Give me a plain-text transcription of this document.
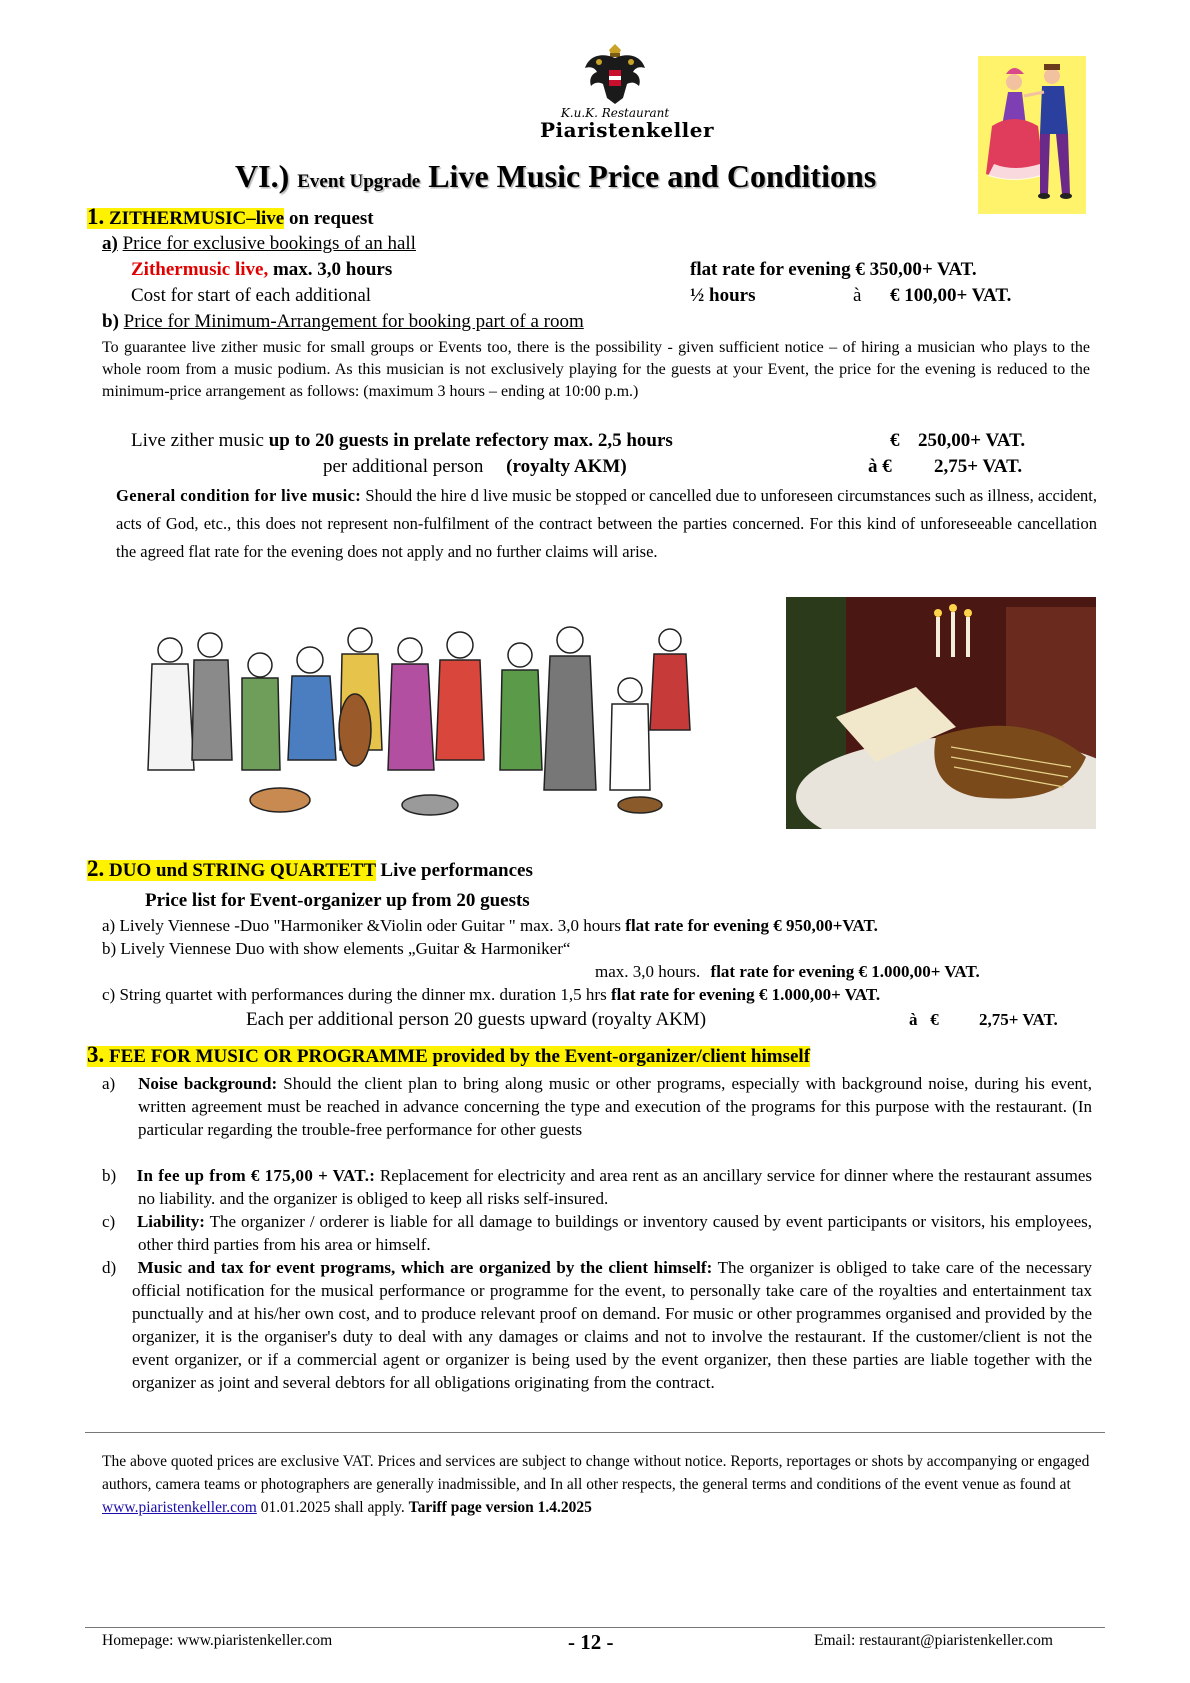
K.u.K. Restaurant
Piaristenkeller
VI.) Event Upgrade Live Music Price and Conditions
1. ZITHERMUSIC–live on request
a) Price for exclusive bookings of an hall
Zithermusic live, max. 3,0 hours	flat rate for evening € 350,00+ VAT.
Cost for start of each additional	½ hours	à € 100,00+ VAT.
b) Price for Minimum-Arrangement for booking part of a room
To guarantee live zither music for small groups or Events too, there is the possibility - given sufficient notice – of hiring a musician who plays to the whole room from a music podium. As this musician is not exclusively playing for the guests at your Event, the price for the evening is reduced to the minimum-price arrangement as follows: (maximum 3 hours – ending at 10:00 p.m.)
Live zither music up to 20 guests in prelate refectory max. 2,5 hours	€ 250,00+ VAT.
per additional person (royalty AKM)	à € 2,75+ VAT.
General condition for live music: Should the hire d live music be stopped or cancelled due to unforeseen circumstances such as illness, accident, acts of God, etc., this does not represent non-fulfilment of the contract between the parties concerned. For this kind of unforeseeable cancellation the agreed flat rate for the evening does not apply and no further claims will arise.
2. DUO und STRING QUARTETT Live performances
Price list for Event-organizer up from 20 guests
a) Lively Viennese -Duo "Harmoniker &Violin oder Guitar " max. 3,0 hours flat rate for evening € 950,00+VAT.
b) Lively Viennese Duo with show elements „Guitar & Harmoniker“
max. 3,0 hours. flat rate for evening € 1.000,00+ VAT.
c) String quartet with performances during the dinner mx. duration 1,5 hrs flat rate for evening € 1.000,00+ VAT.
Each per additional person 20 guests upward (royalty AKM)	à   € 2,75+ VAT.
3. FEE FOR MUSIC OR PROGRAMME provided by the Event-organizer/client himself
a) Noise background: Should the client plan to bring along music or other programs, especially with background noise, during his event, written agreement must be reached in advance concerning the type and execution of the programs for this purpose with the restaurant. (In particular regarding the trouble-free performance for other guests
b) In fee up from € 175,00 + VAT.: Replacement for electricity and area rent as an ancillary service for dinner where the restaurant assumes no liability. and the organizer is obliged to keep all risks self-insured.
c) Liability: The organizer / orderer is liable for all damage to buildings or inventory caused by event participants or visitors, his employees, other third parties from his area or himself.
d) Music and tax for event programs, which are organized by the client himself: The organizer is obliged to take care of the necessary official notification for the musical performance or programme for the event, to personally take care of the royalties and entertainment tax punctually and at his/her own cost, and to produce relevant proof on demand. For music or other programmes organised and provided by the organizer, it is the organiser's duty to deal with any damages or claims and not to involve the restaurant. If the customer/client is not the event organizer, or if a commercial agent or organizer is being used by the event organizer, then these parties are liable together with the organizer as joint and several debtors for all obligations originating from the contract.
The above quoted prices are exclusive VAT. Prices and services are subject to change without notice. Reports, reportages or shots by accompanying or engaged authors, camera teams or photographers are generally inadmissible, and In all other respects, the general terms and conditions of the event venue as found at www.piaristenkeller.com 01.01.2025 shall apply. Tariff page version 1.4.2025
Homepage: www.piaristenkeller.com	- 12 -	Email: restaurant@piaristenkeller.com
